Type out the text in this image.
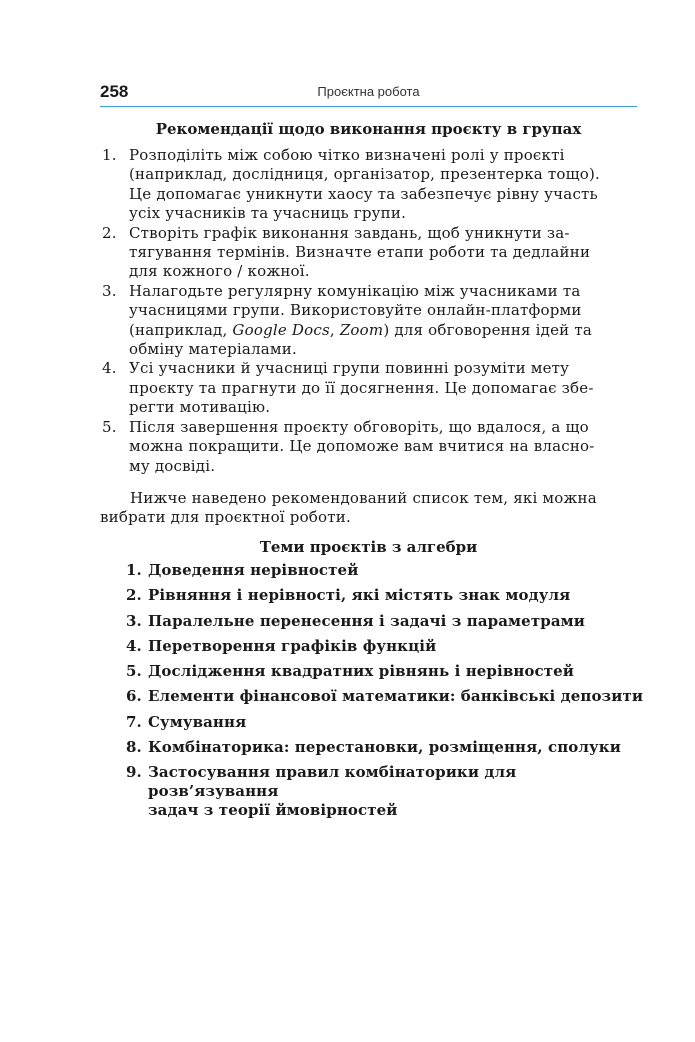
258	Проєктна робота
Рекомендації щодо виконання проєкту в групах
1. Розподіліть між собою чітко визначені ролі у проєкті
(наприклад, дослідниця, організатор, презентерка тощо).
Це допомагає уникнути хаосу та забезпечує рівну участь
усіх учасників та учасниць групи.
2. Створіть графік виконання завдань, щоб уникнути за-
тягування термінів. Визначте етапи роботи та дедлайни
для кожного / кожної.
3. Налагодьте регулярну комунікацію між учасниками та
учасницями групи. Використовуйте онлайн-платформи
(наприклад, Google Docs, Zoom) для обговорення ідей та
обміну матеріалами.
4. Усі учасники й учасниці групи повинні розуміти мету
проєкту та прагнути до її досягнення. Це допомагає збе-
регти мотивацію.
5. Після завершення проєкту обговоріть, що вдалося, а що
можна покращити. Це допоможе вам вчитися на власно-
му досвіді.
Нижче наведено рекомендований список тем, які можна
вибрати для проєктної роботи.
Теми проєктів з алгебри
1. Доведення нерівностей
2. Рівняння і нерівності, які містять знак модуля
3. Паралельне перенесення і задачі з параметрами
4. Перетворення графіків функцій
5. Дослідження квадратних рівнянь і нерівностей
6. Елементи фінансової математики: банківські депозити
7. Сумування
8. Комбінаторика: перестановки, розміщення, сполуки
9. Застосування правил комбінаторики для розв’язування
задач з теорії ймовірностей
